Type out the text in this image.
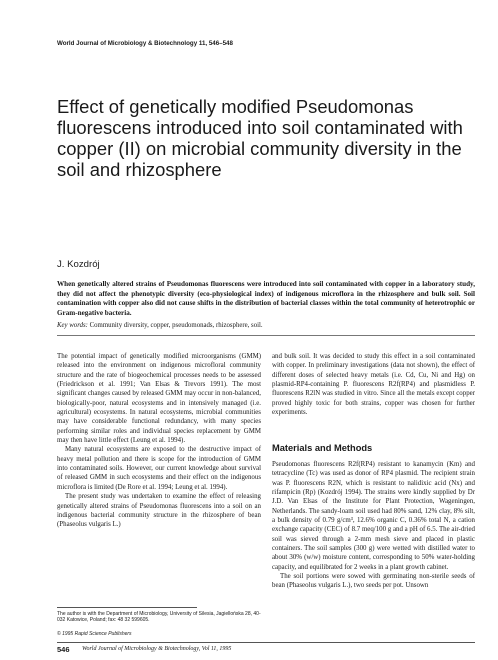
World Journal of Microbiology & Biotechnology 11, 546–548
Effect of genetically modified Pseudomonas fluorescens introduced into soil contaminated with copper (II) on microbial community diversity in the soil and rhizosphere
J. Kozdrój

When genetically altered strains of Pseudomonas fluorescens were introduced into soil contaminated with copper in a laboratory study, they did not affect the phenotypic diversity (eco-physiological index) of indigenous microflora in the rhizosphere and bulk soil. Soil contamination with copper also did not cause shifts in the distribution of bacterial classes within the total community of heterotrophic or Gram-negative bacteria.

Key words: Community diversity, copper, pseudomonads, rhizosphere, soil.

The potential impact of genetically modified microorganisms (GMM) released into the environment on indigenous microfloral community structure and the rate of biogeochemical processes needs to be assessed (Friedrickson et al. 1991; Van Elsas & Trevors 1991). The most significant changes caused by released GMM may occur in non-balanced, biologically-poor, natural ecosystems and in intensively managed (i.e. agricultural) ecosystems. In natural ecosystems, microbial communities may have considerable functional redundancy, with many species performing similar roles and individual species replacement by GMM may then have little effect (Leung et al. 1994).

Many natural ecosystems are exposed to the destructive impact of heavy metal pollution and there is scope for the introduction of GMM into contaminated soils. However, our current knowledge about survival of released GMM in such ecosystems and their effect on the indigenous microflora is limited (De Rore et al. 1994; Leung et al. 1994).

The present study was undertaken to examine the effect of releasing genetically altered strains of Pseudomonas fluorescens into a soil on an indigenous bacterial community structure in the rhizosphere of bean (Phaseolus vulgaris L.)

and bulk soil. It was decided to study this effect in a soil contaminated with copper. In preliminary investigations (data not shown), the effect of different doses of selected heavy metals (i.e. Cd, Cu, Ni and Hg) on plasmid-RP4-containing P. fluorescens R2f(RP4) and plasmidless P. fluorescens R2lN was studied in vitro. Since all the metals except copper proved highly toxic for both strains, copper was chosen for further experiments.

Materials and Methods

Pseudomonas fluorescens R2f(RP4) resistant to kanamycin (Km) and tetracycline (Tc) was used as donor of RP4 plasmid. The recipient strain was P. fluorescens R2N, which is resistant to nalidixic acid (Nx) and rifampicin (Rp) (Kozdrój 1994). The strains were kindly supplied by Dr J.D. Van Elsas of the Institute for Plant Protection, Wageningen, Netherlands. The sandy-loam soil used had 80% sand, 12% clay, 8% silt, a bulk density of 0.79 g/cm³, 12.6% organic C, 0.36% total N, a cation exchange capacity (CEC) of 8.7 meq/100 g and a pH of 6.5. The air-dried soil was sieved through a 2-mm mesh sieve and placed in plastic containers. The soil samples (300 g) were wetted with distilled water to about 30% (w/w) moisture content, corresponding to 50% water-holding capacity, and equilibrated for 2 weeks in a plant growth cabinet.

The soil portions were sowed with germinating non-sterile seeds of bean (Phaseolus vulgaris L.), two seeds per pot. Unsown

The author is with the Department of Microbiology, University of Silesia, Jagiellońska 28, 40-032 Katowice, Poland; fax: 48 32 599605.
© 1995 Rapid Science Publishers
546 World Journal of Microbiology & Biotechnology, Vol 11, 1995
